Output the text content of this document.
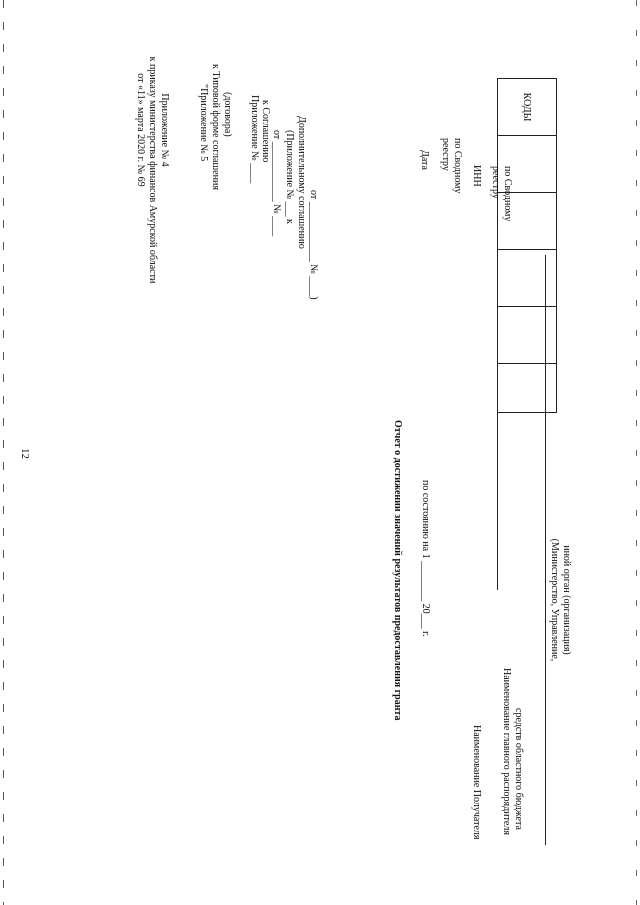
12
Приложение № 4
к приказу министерства финансов Амурской области
от «11» марта 2020 г. № 69	"Приложение № 5 к Типовой форме соглашения (договора) Приложение № ____ к Соглашению от ____________ № ____ (Приложение № ___ к Дополнительному соглашению от ____________ № ____)
Отчет о достижении значений результатов предоставления гранта по состоянию на 1 ________ 20___ г.
КОДЫ					
Дата	по Сводному реестру
ИНН	по Сводному реестру
Наименование Получателя Наименование главного распорядителя средств областного бюджета
(Министерство, Управление, иной орган (организация)
